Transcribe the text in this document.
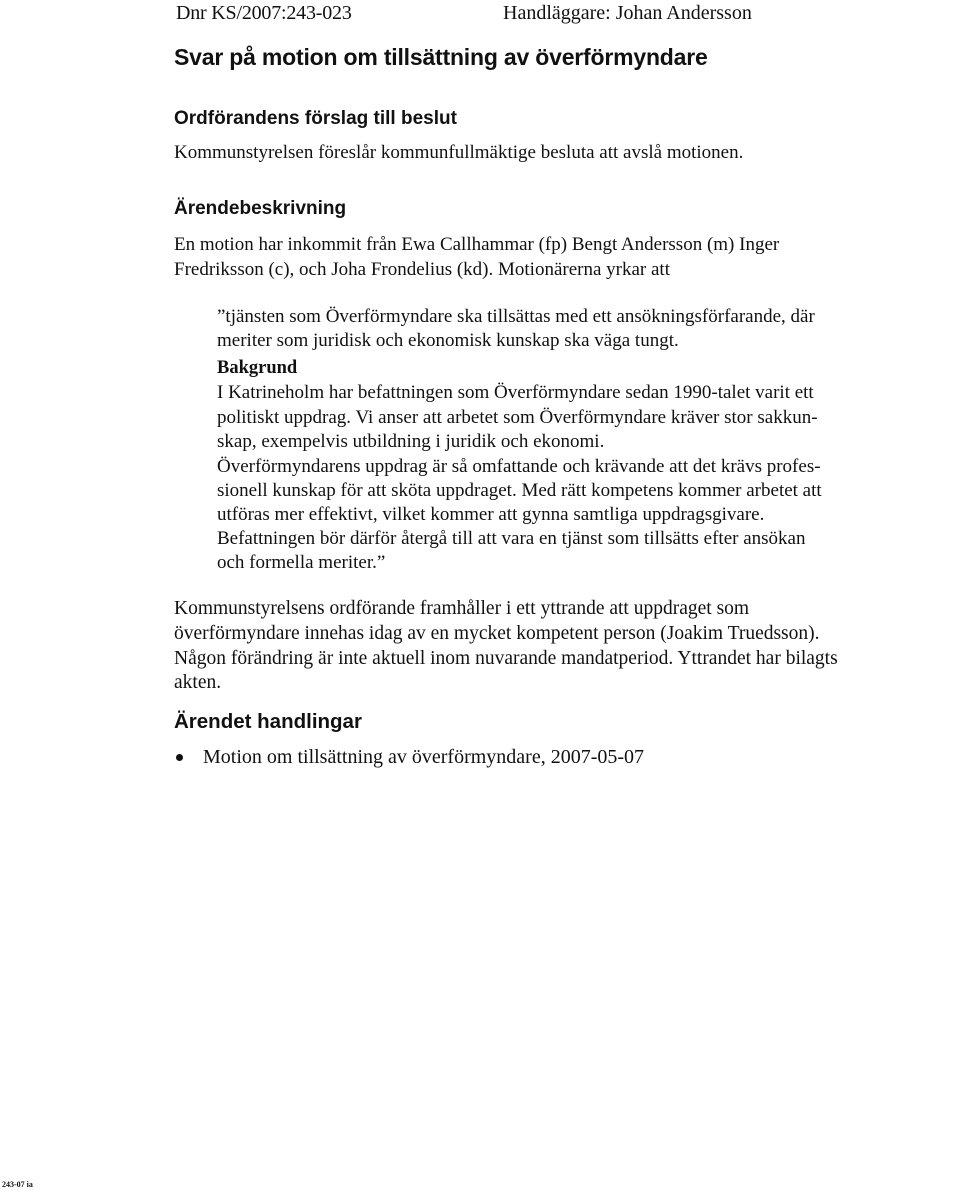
Dnr KS/2007:243-023	Handläggare: Johan Andersson
Svar på motion om tillsättning av överförmyndare
Ordförandens förslag till beslut

Kommunstyrelsen föreslår kommunfullmäktige besluta att avslå motionen.

Ärendebeskrivning

En motion har inkommit från Ewa Callhammar (fp) Bengt Andersson (m) Inger

Fredriksson (c), och Joha Frondelius (kd). Motionärerna yrkar att

”tjänsten som Överförmyndare ska tillsättas med ett ansökningsförfarande, där

meriter som juridisk och ekonomisk kunskap ska väga tungt.

Bakgrund

I Katrineholm har befattningen som Överförmyndare sedan 1990-talet varit ett

politiskt uppdrag. Vi anser att arbetet som Överförmyndare kräver stor sakkun-

skap, exempelvis utbildning i juridik och ekonomi.

Överförmyndarens uppdrag är så omfattande och krävande att det krävs profes-

sionell kunskap för att sköta uppdraget. Med rätt kompetens kommer arbetet att

utföras mer effektivt, vilket kommer att gynna samtliga uppdragsgivare.

Befattningen bör därför återgå till att vara en tjänst som tillsätts efter ansökan

och formella meriter.”

Kommunstyrelsens ordförande framhåller i ett yttrande att uppdraget som

överförmyndare innehas idag av en mycket kompetent person (Joakim Truedsson).

Någon förändring är inte aktuell inom nuvarande mandatperiod. Yttrandet har bilagts

akten.

Ärendet handlingar
Motion om tillsättning av överförmyndare, 2007-05-07
243-07 ia
